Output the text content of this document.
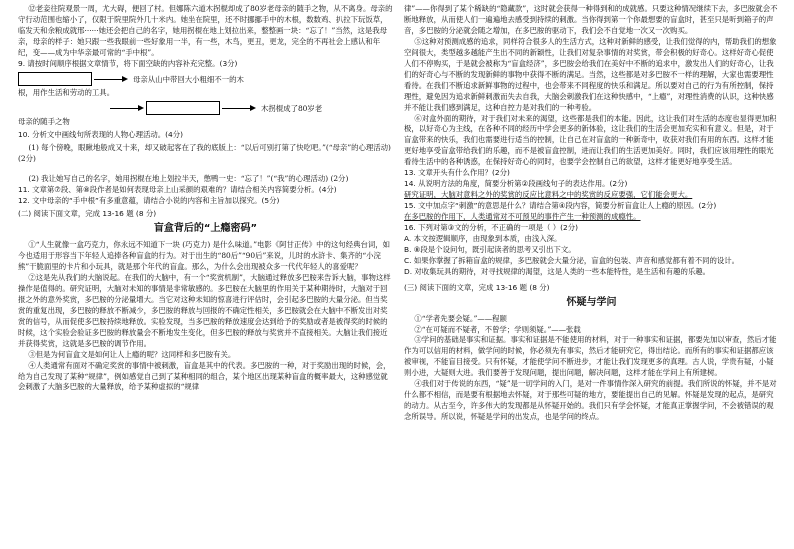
⑫老妾往院观景一周，尤大碍，便回了村。但娜陈六道木拐棍却成了80岁老母亲的随手之物，从不离身。母亲的守行动范围也缩小了，仅限于院里院外几十米内。她坐在院里，还不时挪挪手中的木根，数数鸡、扒拉下玩饭草，临发天和余粮成就邢······她还会把自己的名字，她用拐棍在地上划拉出来，整整画一块：“忘了！”当然，这是我母亲，母亲的样子：她只跟一些我眼前一些好象用一半，有一些，木鸟，更丑，更龙，完全的不再社会上感认和年纪，变——成为中华亲最可常的“手中根”。

9. 请按时间顺序根据文章情节，将下面空缺的内容补充完整。(3分)

母亲从山中带回大小粗细不一的木

根，用作生活和劳动的工具。

木拐棍成了80岁老

母亲的随手之物

10. 分析文中画线句所表现的人物心理活动。(4分)

(1) 每个傍晚，眼瞅地般成又十来，却又破起客在了我的底版上：“以后可别打第了快吃吧。”(“母亲”的心理活动) (2分)

(2) 我让她写自己的名字，她用拐棍在地上划拉半天，憋鸭一史：“忘了！”(“我”的心理活动) (2分)

11. 文章第⑦段、第⑧段作者是如何表现母亲上山采颜的艰难的？请结合相关内容简要分析。(4分)

12. 文中母亲的“手中根”有多重意蕴，请结合小说的内容和主旨加以探究。(5分)

(二) 阅读下面文章，完成 13-16 题 (8 分)

盲盒背后的“上瘾密码”

①“人生就像一盒巧克力，你永远不知道下一块 (巧克力) 是什么味道。”电影《阿甘正传》中的这句经典台词，如今也适用于形容当下年轻人追捧各种盲盒的行为。对于出生的“80后”“90后”来说，儿时的水浒卡、集齐的“小浣熊”干脆面里的卡片和小玩具，就是那个年代的盲盒。那么，为什么会出现被众多一代代年轻人的喜爱呢？

②这是先从我们的大脑说起。在我们的大脑中，有一个“奖赏机制”，大脑通过释放多巴胺来告诉大脑，事物这样操作是值得的。研究证明，大脑对未知的事情是非常敏感的。多巴胺在大脑里的作用关于某种期待时，大脑对于回报之外的意外奖赏，多巴胺的分泌量增大。当它对这种未知的惊喜进行评估时，会引起多巴胺的大量分泌。但当奖赏的重复出现，多巴胺的释放不断减少，多巴胺的释放与回报的不确定性相关，多巴胺就会在大脑中不断发出对奖赏的信号，从而促使多巴胺持续地释放。实验发现，当多巴胺的释放速度会达到给予的奖励或者是被得奖的时候的时候，这个实验会验证多巴胺的释放量会不断地发生变化，但多巴胺的释放与奖赏并不直接相关。大脑让我们接近并获得奖赏，这就是多巴胺的调节作用。

③但是为何盲盒文是如何让人上瘾的呢？这同样和多巴胺有关。

④人类通常有面对不确定奖赏的事情中被刺激，盲盒是其中的代表。多巴胺的一种，对于奖励出现的时候，会，给为自己发现了某种“规律”，例如感觉自己到了某种相同的组合，某个地区出现某种盲盒的概率最大，这种感觉就会刺激了大脑多巴胺的大量释放，给予某种虚拟的“规律

律”——你得到了某个稀缺的“隐藏款”，这时就会获得一种得到和的成就感。只要这种情况继续下去，多巴胺就会不断地释放，从而使人们一遍遍地去感受到持续的刺激。当你得到第一个你最想要的盲盒时，甚至只是听到箱子的声音，多巴胺的分泌就会随之增加，在多巴胺的驱动下，我们会不自觉地一次又一次购买。

⑤这种对预测成感的追求，同样符合很多人的生活方式，这种对新鲜的感受，让我们觉得的内，帮助我们的想象空间很大，类型越多越能产生出不同的新颖性，让我们对复杂事情的对奖赏，带会积极的好奇心。这样好奇心促使人们不停购买，于是就会被称为“盲盒经济”，多巴胺会给我们在美好中不断的追求中，激发出人们的好奇心，让我们的好奇心与不断的发现新鲜的事物中获得不断的满足。当然，这些都是对多巴胺不一样的理解，大家也需要理性看待。在我们不断追求新鲜事物的过程中，也会带来不同程度的快乐和满足。所以要对自己的行为有所控制，保持理性，避免因为追求新鲜刺激而失去自我，大脑会刺激我们在这种快感中，“上瘾”，对理性消费的认识，这种快感并不能让我们感到满足，这种自控力是对我们的一种考验。

⑥对盒外面的期待，对于我们对未来的渴望，这些都是我们的本能。因此，这让我们对生活的态度也显得更加积极，以好奇心为主线，在各种不同的经历中学会更多的新体验，这让我们的生活会更加充实和有意义。但是，对于盲盒带来的快乐，我们也需要进行适当的控制，让自己在对盲盒的一种新奇中，收获对我们有用的东西。这样才能更好地享受盲盒带给我们的乐趣，而不是被盲盒控制，进而让我们的生活更加美好。同时，我们应该用理性的眼光看待生活中的各种诱惑，在保持好奇心的同时，也要学会控制自己的欲望，这样才能更好地享受生活。

13. 文章开头有什么作用？(2分)

14. 从说明方法的角度，简要分析第②段画线句子的表达作用。(2分)

研究证明，大脑对意料之外的奖赏的反应比意料之中的奖赏的反应要强，它们能会更大。

15. 文中加点字“刺激”的意思是什么？请结合第④段内容，简要分析盲盒让人上瘾的原因。(2分)

在多巴胺的作用下，人类通常对不可预见的事件产生一种预测的成瘾性。

16. 下列对第③文的分析，不正确的一项是（ ）(2分)

A. 本文按逻辑顺序，由现象到本质，由浅入深。

B. ⑧段是个设问句，既引起读者的思考又引出下文。

C. 如果你掌握了拆箱盲盒的规律，多巴胺就会大量分泌，盲盒的包装、声音和感觉都有着不同的设计。

D. 对收集玩具的期待，对寻找规律的渴望，这是人类的一些本能特性，是生活和有趣的乐趣。

(三) 阅读下面的文章，完成 13-16 题 (8 分)

怀疑与学问

①“学者先要会疑。”——程颐

②“在可疑而不疑者，不曾学；学则须疑。”——张载

③学问的基础是事实和证据。事实和证据是不能使用的材料，对于一种事实和证据，都要先加以审查，然后才能作为可以信用的材料，做学问的时候，你必须先有事实，然后才能研究它，得出结论。而所有的事实和证据都应该被审视，不能盲目接受。只有怀疑，才能使学问不断进步，才能让我们发现更多的真理。古人说，学贵有疑，小疑则小进，大疑则大进。我们要善于发现问题，提出问题，解决问题，这样才能在学问上有所建树。

④我们对于传说的东西，“疑”是一切学问的入门，是对一件事情作深入研究的前提。我们所说的怀疑，并不是对什么都不相信，而是要有根据地去怀疑，对于那些可疑的地方，要能提出自己的见解。怀疑是发现的起点，是研究的动力。从古至今，许多伟大的发现都是从怀疑开始的。我们只有学会怀疑，才能真正掌握学问，不会被错误的观念所误导。所以说，怀疑是学问的出发点，也是学问的终点。
